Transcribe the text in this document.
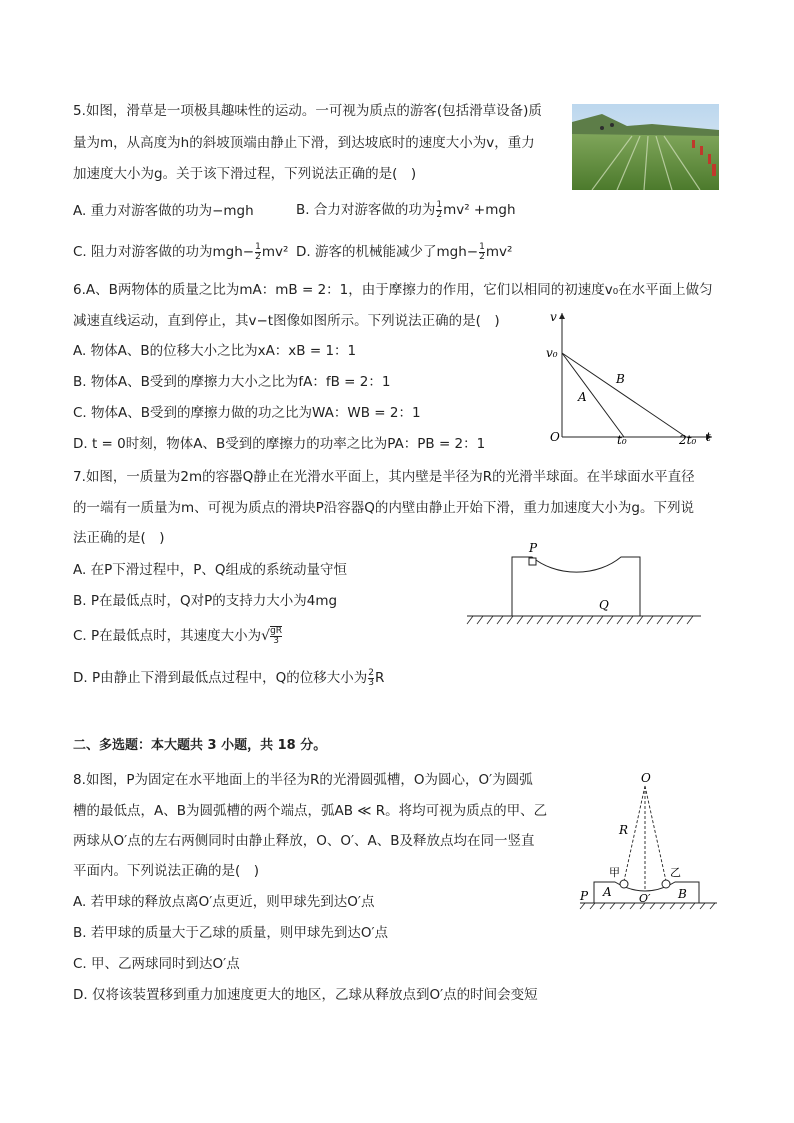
5.如图，滑草是一项极具趣味性的运动。一可视为质点的游客(包括滑草设备)质
量为m，从高度为h的斜坡顶端由静止下滑，到达坡底时的速度大小为v，重力
加速度大小为g。关于该下滑过程，下列说法正确的是(　)
A. 重力对游客做的功为−mgh	B. 合力对游客做的功为 $\frac{1}{2} mv^2 +mgh$
C. 阻力对游客做的功为$mgh- \frac{1}{2} mv^2$ D. 游客的机械能减少了$mgh- \frac{1}{2} mv^2$
6.A、B两物体的质量之比为mA：mB = 2：1，由于摩擦力的作用，它们以相同的初速度v₀在水平面上做匀
减速直线运动，直到停止，其v−t图像如图所示。下列说法正确的是(　)
A. 物体A、B的位移大小之比为xA：xB = 1：1
B. 物体A、B受到的摩擦力大小之比为fA：fB = 2：1
C. 物体A、B受到的摩擦力做的功之比为WA：WB = 2：1
D. t = 0时刻，物体A、B受到的摩擦力的功率之比为PA：PB = 2：1
v
t
v₀
O	t₀	2t₀
A
B
7.如图，一质量为2m的容器Q静止在光滑水平面上，其内壁是半径为R的光滑半球面。在半球面水平直径
的一端有一质量为m、可视为质点的滑块P沿容器Q的内壁由静止开始下滑，重力加速度大小为g。下列说
法正确的是(　)
A. 在P下滑过程中，P、Q组成的系统动量守恒
B. P在最低点时，Q对P的支持力大小为4mg
C. P在最低点时，其速度大小为√ $\frac{gR}{3}$
D. P由静止下滑到最低点过程中，Q的位移大小为 $\frac{2}{3}$ R
P
Q
二、多选题：本大题共 3 小题，共 18 分。
8.如图，P为固定在水平地面上的半径为R的光滑圆弧槽，O为圆心，O′为圆弧
槽的最低点，A、B为圆弧槽的两个端点，弧AB ≪ R。将均可视为质点的甲、乙
两球从O′点的左右两侧同时由静止释放，O、O′、A、B及释放点均在同一竖直
平面内。下列说法正确的是(　)
A. 若甲球的释放点离O′点更近，则甲球先到达O′点
B. 若甲球的质量大于乙球的质量，则甲球先到达O′点
C. 甲、乙两球同时到达O′点
D. 仅将该装置移到重力加速度更大的地区，乙球从释放点到O′点的时间会变短
O
R
甲	乙
P A	B
O′
